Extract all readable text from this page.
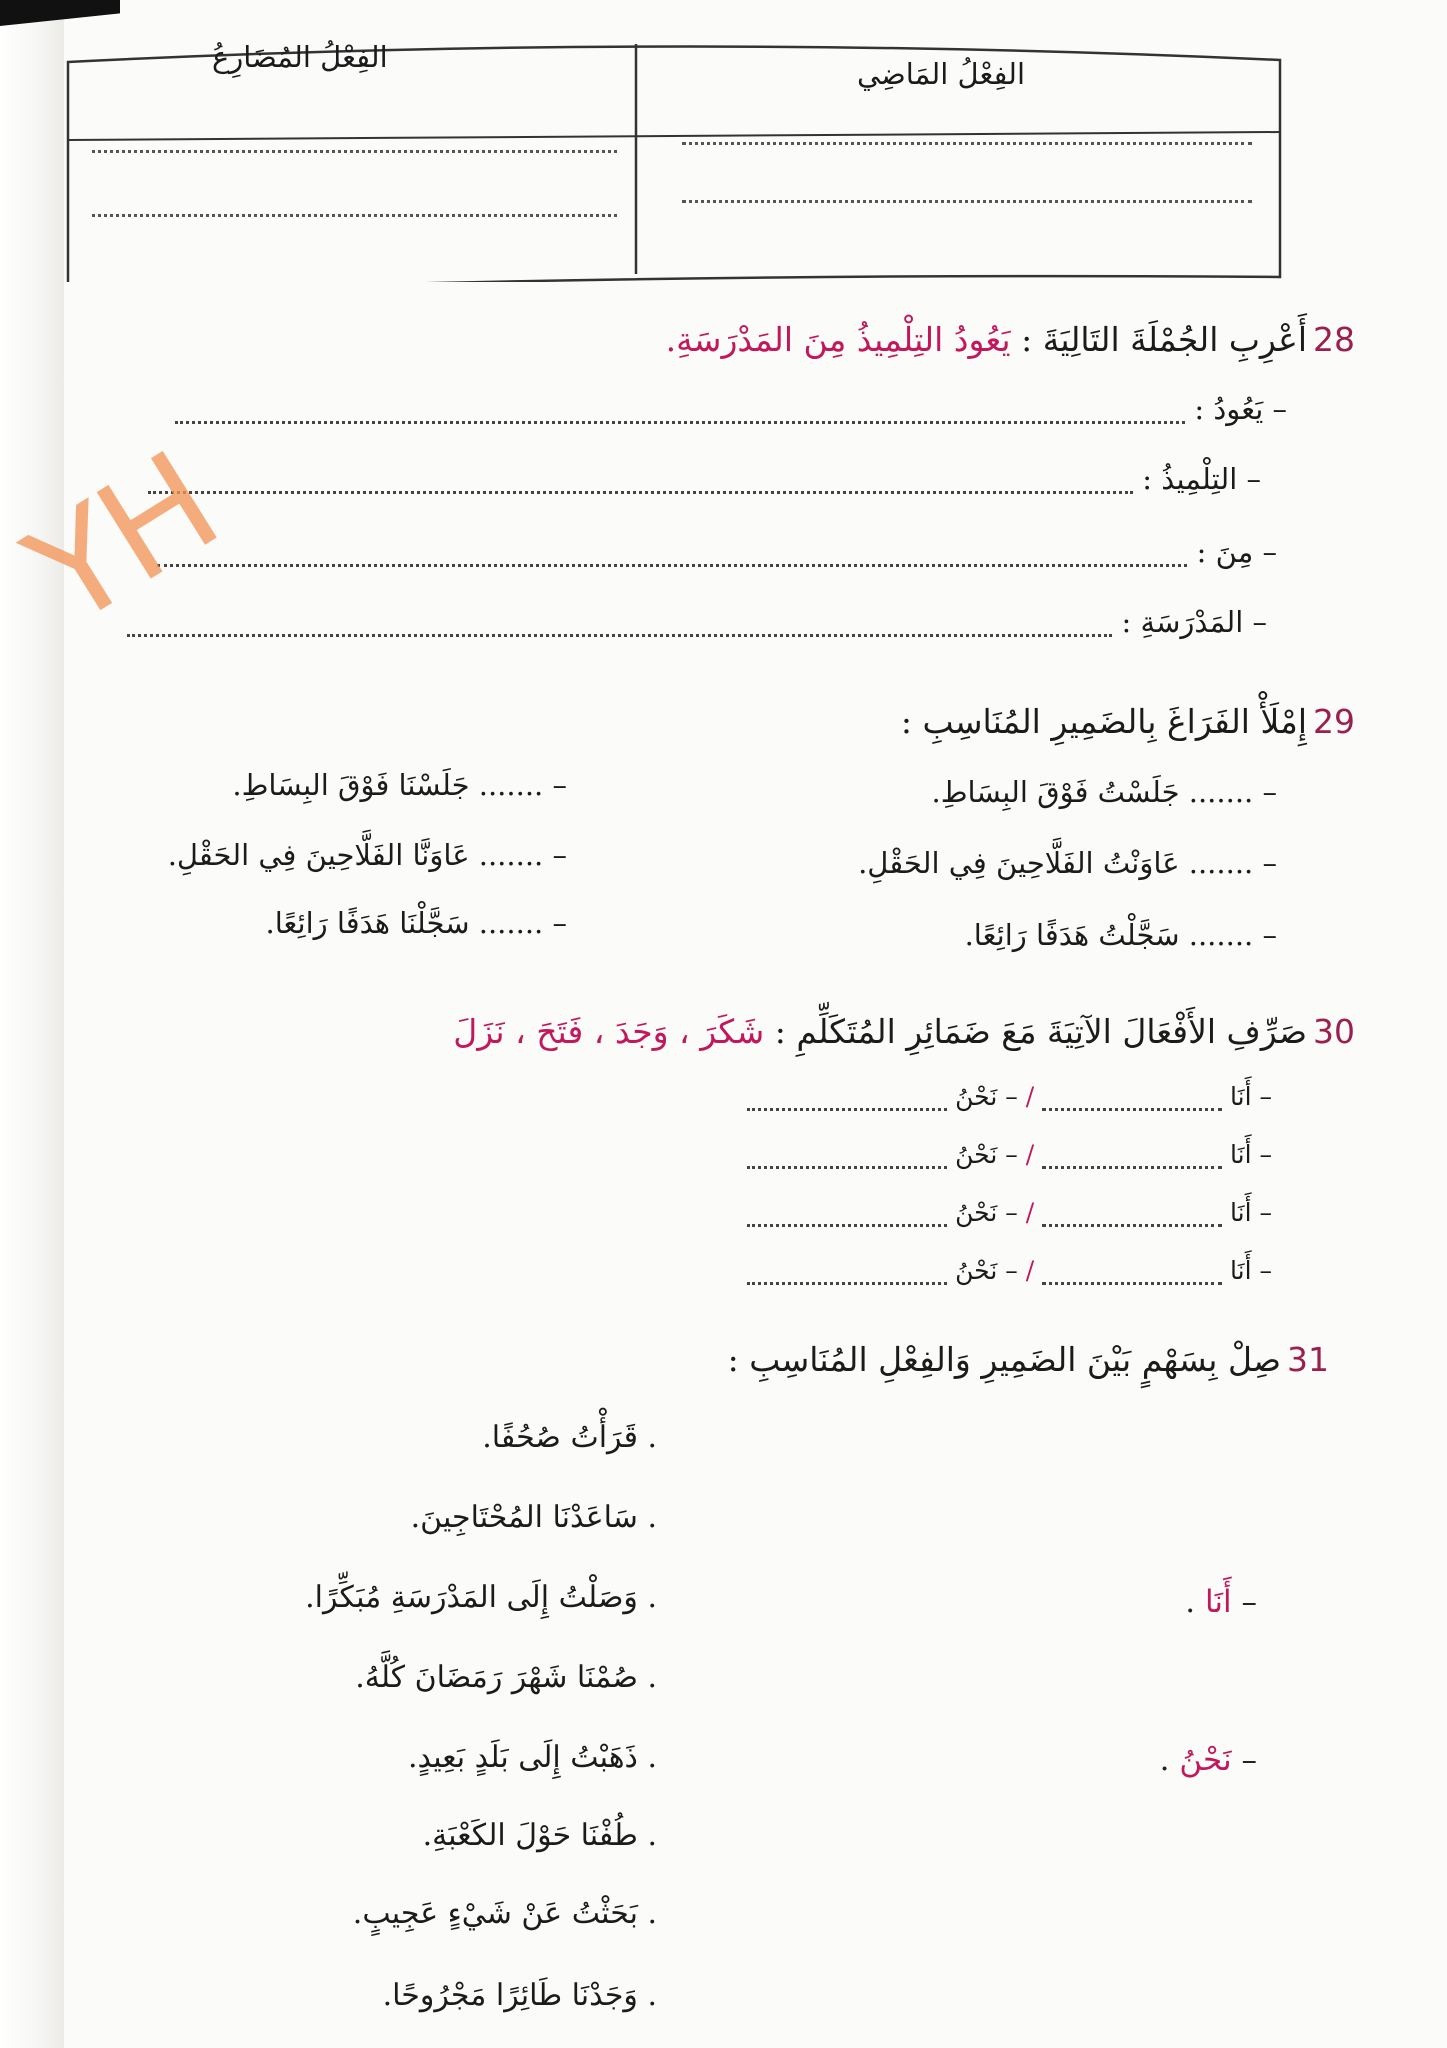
الفِعْلُ المَاضِي
الفِعْلُ المُضَارِعُ
28أَعْرِبِ الجُمْلَةَ التَالِيَةَ : يَعُودُ التِلْمِيذُ مِنَ المَدْرَسَةِ.
– يَعُودُ :
– التِلْمِيذُ :
– مِنَ :
– المَدْرَسَةِ :
YH
29إِمْلَأْ الفَرَاغَ بِالضَمِيرِ المُنَاسِبِ :
– ....... جَلَسْتُ فَوْقَ البِسَاطِ.
– ....... عَاوَنْتُ الفَلَّاحِينَ فِي الحَقْلِ.
– ....... سَجَّلْتُ هَدَفًا رَائِعًا.
– ....... جَلَسْنَا فَوْقَ البِسَاطِ.
– ....... عَاوَنَّا الفَلَّاحِينَ فِي الحَقْلِ.
– ....... سَجَّلْنَا هَدَفًا رَائِعًا.
30صَرِّفِ الأَفْعَالَ الآتِيَةَ مَعَ ضَمَائِرِ المُتَكَلِّمِ : شَكَرَ ، وَجَدَ ، فَتَحَ ، نَزَلَ
– أَنَا  / – نَحْنُ
– أَنَا  / – نَحْنُ
– أَنَا  / – نَحْنُ
– أَنَا  / – نَحْنُ
31صِلْ بِسَهْمٍ بَيْنَ الضَمِيرِ وَالفِعْلِ المُنَاسِبِ :
. قَرَأْتُ صُحُفًا.
. سَاعَدْنَا المُحْتَاجِينَ.
. وَصَلْتُ إِلَى المَدْرَسَةِ مُبَكِّرًا.
. صُمْنَا شَهْرَ رَمَضَانَ كُلَّهُ.
. ذَهَبْتُ إِلَى بَلَدٍ بَعِيدٍ.
. طُفْنَا حَوْلَ الكَعْبَةِ.
. بَحَثْتُ عَنْ شَيْءٍ عَجِيبٍ.
. وَجَدْنَا طَائِرًا مَجْرُوحًا.
– أَنَا .
– نَحْنُ .
